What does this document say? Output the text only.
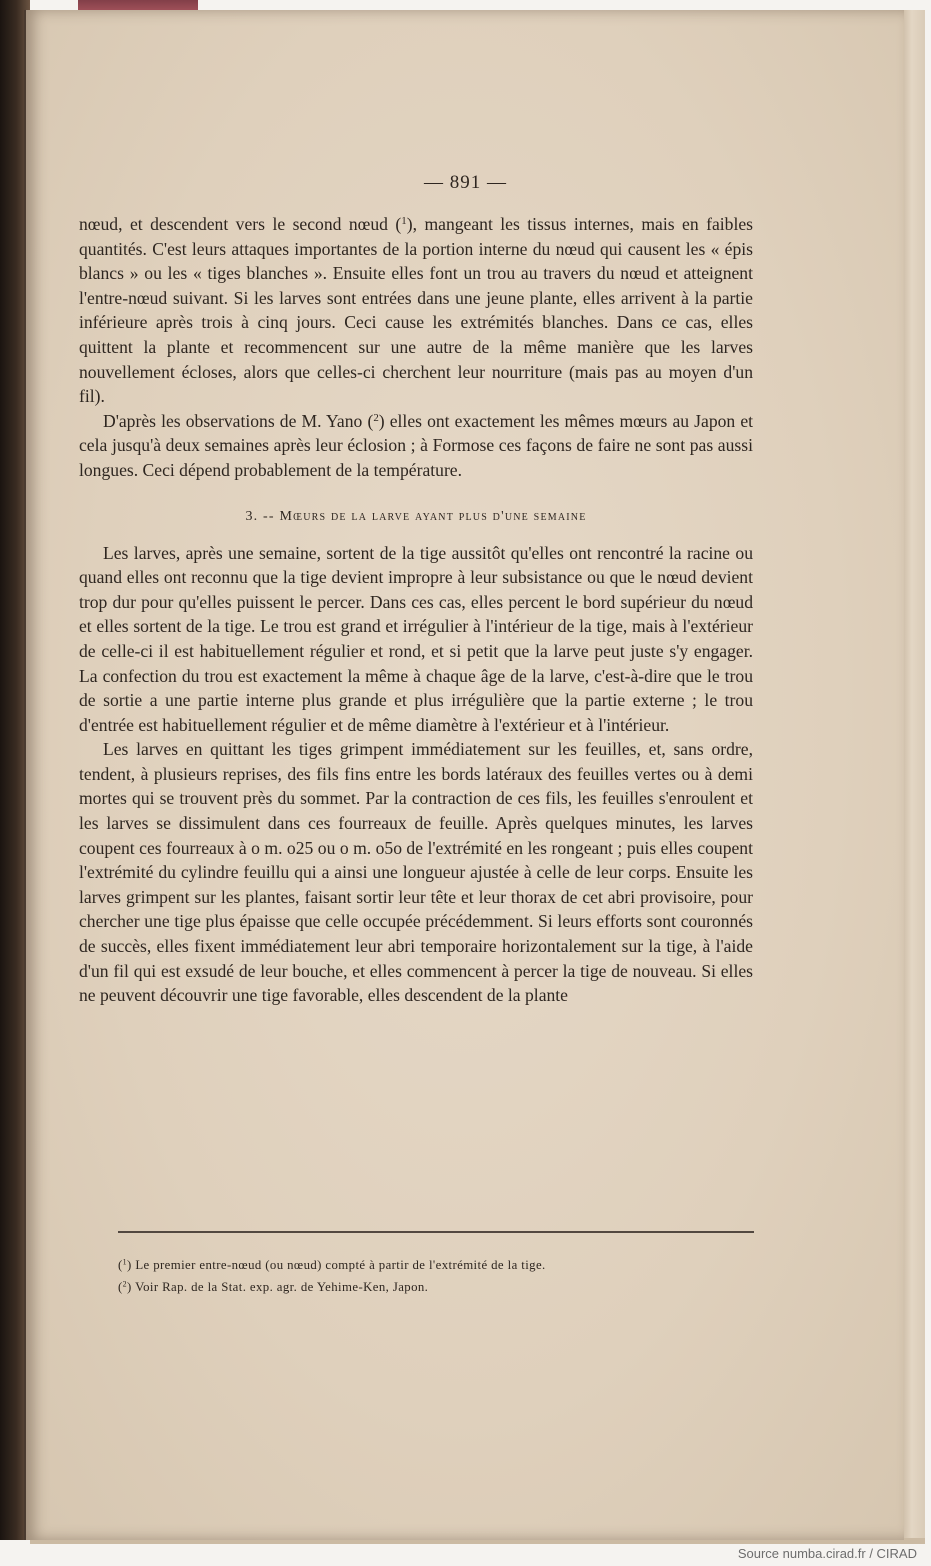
— 891 —

nœud, et descendent vers le second nœud ($^1$), mangeant les tissus internes, mais en faibles quantités. C'est leurs attaques importantes de la portion interne du nœud qui causent les « épis blancs » ou les « tiges blanches ». Ensuite elles font un trou au travers du nœud et atteignent l'entre-nœud suivant. Si les larves sont entrées dans une jeune plante, elles arrivent à la partie inférieure après trois à cinq jours. Ceci cause les extrémités blanches. Dans ce cas, elles quittent la plante et recommencent sur une autre de la même manière que les larves nouvellement écloses, alors que celles-ci cherchent leur nourriture (mais pas au moyen d'un fil).

D'après les observations de M. Yano ($^2$) elles ont exactement les mêmes mœurs au Japon et cela jusqu'à deux semaines après leur éclosion ; à Formose ces façons de faire ne sont pas aussi longues. Ceci dépend probablement de la température.

3. -- Mœurs de la larve ayant plus d'une semaine

Les larves, après une semaine, sortent de la tige aussitôt qu'elles ont rencontré la racine ou quand elles ont reconnu que la tige devient impropre à leur subsistance ou que le nœud devient trop dur pour qu'elles puissent le percer. Dans ces cas, elles percent le bord supérieur du nœud et elles sortent de la tige. Le trou est grand et irrégulier à l'intérieur de la tige, mais à l'extérieur de celle-ci il est habituellement régulier et rond, et si petit que la larve peut juste s'y engager. La confection du trou est exactement la même à chaque âge de la larve, c'est-à-dire que le trou de sortie a une partie interne plus grande et plus irrégulière que la partie externe ; le trou d'entrée est habituellement régulier et de même diamètre à l'extérieur et à l'intérieur.

Les larves en quittant les tiges grimpent immédiatement sur les feuilles, et, sans ordre, tendent, à plusieurs reprises, des fils fins entre les bords latéraux des feuilles vertes ou à demi mortes qui se trouvent près du sommet. Par la contraction de ces fils, les feuilles s'enroulent et les larves se dissimulent dans ces fourreaux de feuille. Après quelques minutes, les larves coupent ces fourreaux à o m. o25 ou o m. o5o de l'extrémité en les rongeant ; puis elles coupent l'extrémité du cylindre feuillu qui a ainsi une longueur ajustée à celle de leur corps. Ensuite les larves grimpent sur les plantes, faisant sortir leur tête et leur thorax de cet abri provisoire, pour chercher une tige plus épaisse que celle occupée précédemment. Si leurs efforts sont couronnés de succès, elles fixent immédiatement leur abri temporaire horizontalement sur la tige, à l'aide d'un fil qui est exsudé de leur bouche, et elles commencent à percer la tige de nouveau. Si elles ne peuvent découvrir une tige favorable, elles descendent de la plante

($^1$) Le premier entre-nœud (ou nœud) compté à partir de l'extrémité de la tige.

($^2$) Voir Rap. de la Stat. exp. agr. de Yehime-Ken, Japon.

Source numba.cirad.fr / CIRAD
